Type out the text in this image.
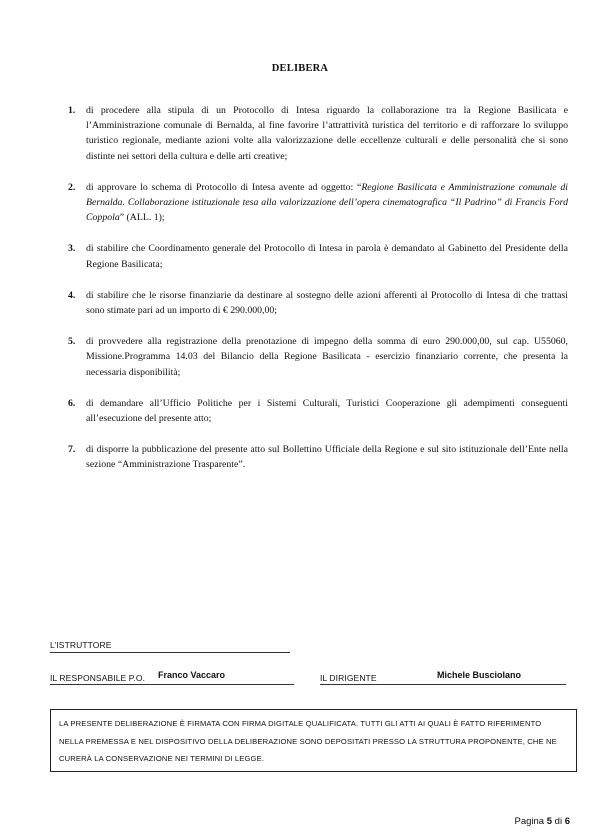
DELIBERA
1. di procedere alla stipula di un Protocollo di Intesa riguardo la collaborazione tra la Regione Basilicata e l’Amministrazione comunale di Bernalda, al fine favorire l’attrattività turistica del territorio e di rafforzare lo sviluppo turistico regionale, mediante azioni volte alla valorizzazione delle eccellenze culturali e delle personalità che si sono distinte nei settori della cultura e delle arti creative;
2. di approvare lo schema di Protocollo di Intesa avente ad oggetto: “Regione Basilicata e Amministrazione comunale di Bernalda. Collaborazione istituzionale tesa alla valorizzazione dell’opera cinematografica “Il Padrino” di Francis Ford Coppola” (ALL. 1);
3. di stabilire che Coordinamento generale del Protocollo di Intesa in parola è demandato al Gabinetto del Presidente della Regione Basilicata;
4. di stabilire che le risorse finanziarie da destinare al sostegno delle azioni afferenti al Protocollo di Intesa di che trattasi sono stimate pari ad un importo di € 290.000,00;
5. di provvedere alla registrazione della prenotazione di impegno della somma di euro 290.000,00, sul cap. U55060, Missione.Programma 14.03 del Bilancio della Regione Basilicata - esercizio finanziario corrente, che presenta la necessaria disponibilità;
6. di demandare all’Ufficio Politiche per i Sistemi Culturali, Turistici Cooperazione gli adempimenti conseguenti all’esecuzione del presente atto;
7. di disporre la pubblicazione del presente atto sul Bollettino Ufficiale della Regione e sul sito istituzionale dell’Ente nella sezione “Amministrazione Trasparente”.
L’ISTRUTTORE
IL RESPONSABILE P.O. Franco Vaccaro	IL DIRIGENTE	Michele Busciolano
LA PRESENTE DELIBERAZIONE È FIRMATA CON FIRMA DIGITALE QUALIFICATA. TUTTI GLI ATTI AI QUALI È FATTO RIFERIMENTO NELLA PREMESSA E NEL DISPOSITIVO DELLA DELIBERAZIONE SONO DEPOSITATI PRESSO LA STRUTTURA PROPONENTE, CHE NE CURERÀ LA CONSERVAZIONE NEI TERMINI DI LEGGE.
Pagina 5 di 6
